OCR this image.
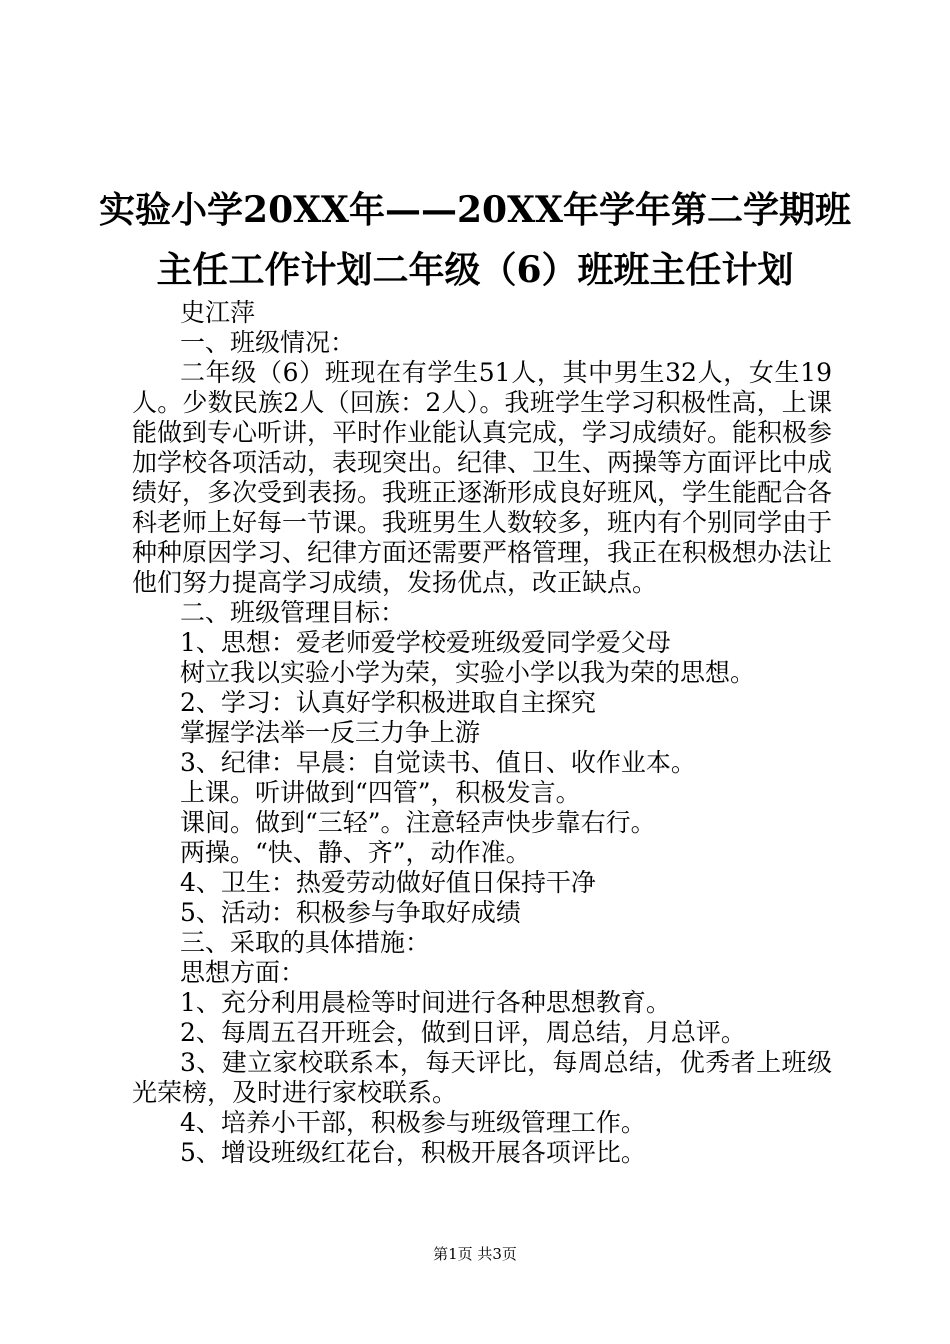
实验小学20XX年——20XX年学年第二学期班
主任工作计划二年级（6）班班主任计划
史江萍
一、班级情况：
二年级（6）班现在有学生51人，其中男生32人，女生19人。少数民族2人（回族：2人）。我班学生学习积极性高，上课能做到专心听讲，平时作业能认真完成，学习成绩好。能积极参加学校各项活动，表现突出。纪律、卫生、两操等方面评比中成绩好，多次受到表扬。我班正逐渐形成良好班风，学生能配合各科老师上好每一节课。我班男生人数较多，班内有个别同学由于种种原因学习、纪律方面还需要严格管理，我正在积极想办法让他们努力提高学习成绩，发扬优点，改正缺点。
二、班级管理目标：
1、思想：爱老师爱学校爱班级爱同学爱父母
树立我以实验小学为荣，实验小学以我为荣的思想。
2、学习：认真好学积极进取自主探究
掌握学法举一反三力争上游
3、纪律：早晨：自觉读书、值日、收作业本。
上课。听讲做到“四管”，积极发言。
课间。做到“三轻”。注意轻声快步靠右行。
两操。“快、静、齐”，动作准。
4、卫生：热爱劳动做好值日保持干净
5、活动：积极参与争取好成绩
三、采取的具体措施：
思想方面：
1、充分利用晨检等时间进行各种思想教育。
2、每周五召开班会，做到日评，周总结，月总评。
3、建立家校联系本，每天评比，每周总结，优秀者上班级光荣榜，及时进行家校联系。
4、培养小干部，积极参与班级管理工作。
5、增设班级红花台，积极开展各项评比。
第1页 共3页
